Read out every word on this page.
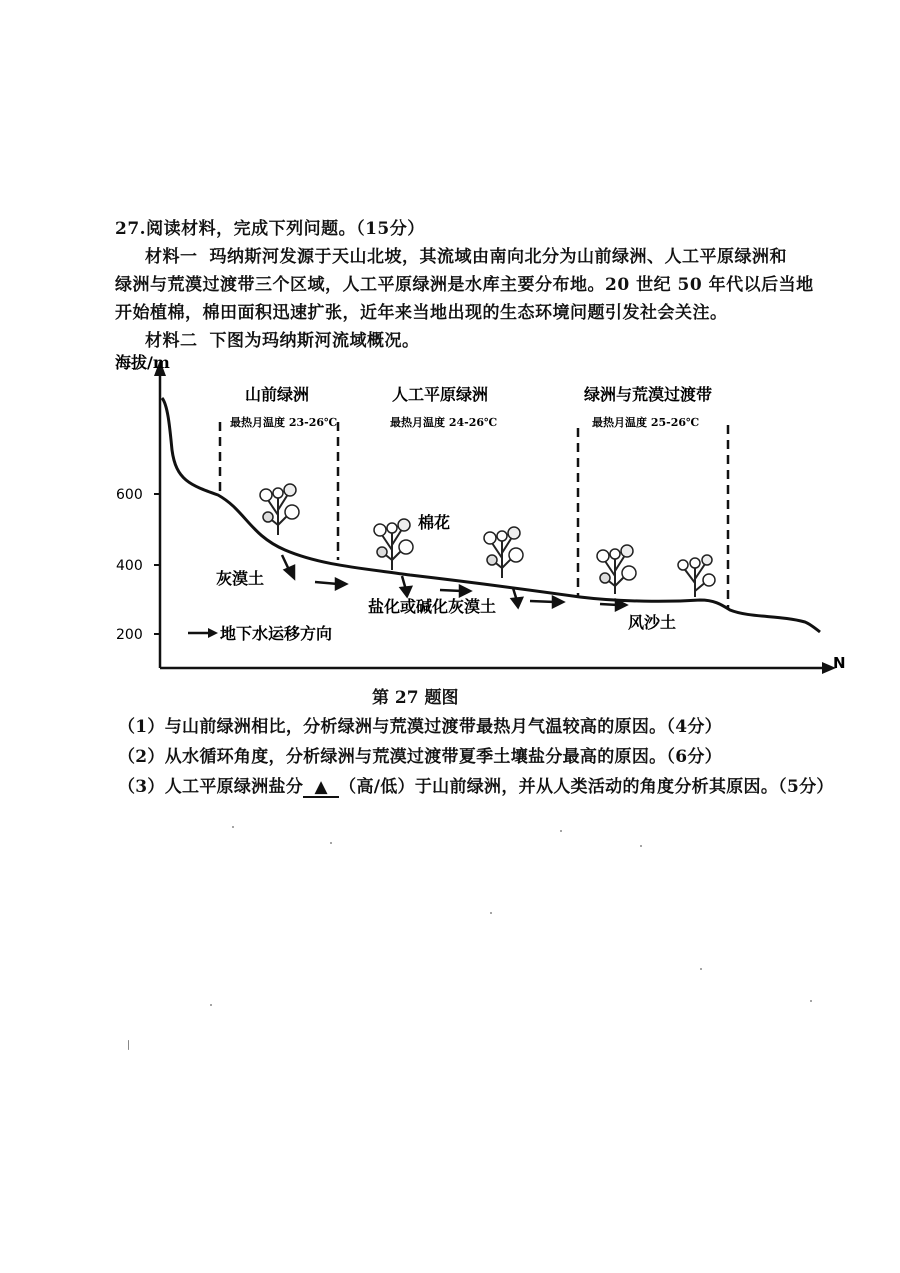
27.阅读材料，完成下列问题。（15分）
材料一 玛纳斯河发源于天山北坡，其流域由南向北分为山前绿洲、人工平原绿洲和
绿洲与荒漠过渡带三个区域，人工平原绿洲是水库主要分布地。20 世纪 50 年代以后当地
开始植棉，棉田面积迅速扩张，近年来当地出现的生态环境问题引发社会关注。
材料二 下图为玛纳斯河流域概况。
海拔/m
N
600
400
200
山前绿洲	人工平原绿洲	绿洲与荒漠过渡带
最热月温度 23-26℃	最热月温度 24-26℃	最热月温度 25-26℃
棉花
灰漠土
盐化或碱化灰漠土
风沙土
地下水运移方向
第 27 题图
（1）与山前绿洲相比，分析绿洲与荒漠过渡带最热月气温较高的原因。（4分）
（2）从水循环角度，分析绿洲与荒漠过渡带夏季土壤盐分最高的原因。（6分）
（3）人工平原绿洲盐分 ▲ （高/低）于山前绿洲，并从人类活动的角度分析其原因。（5分）
